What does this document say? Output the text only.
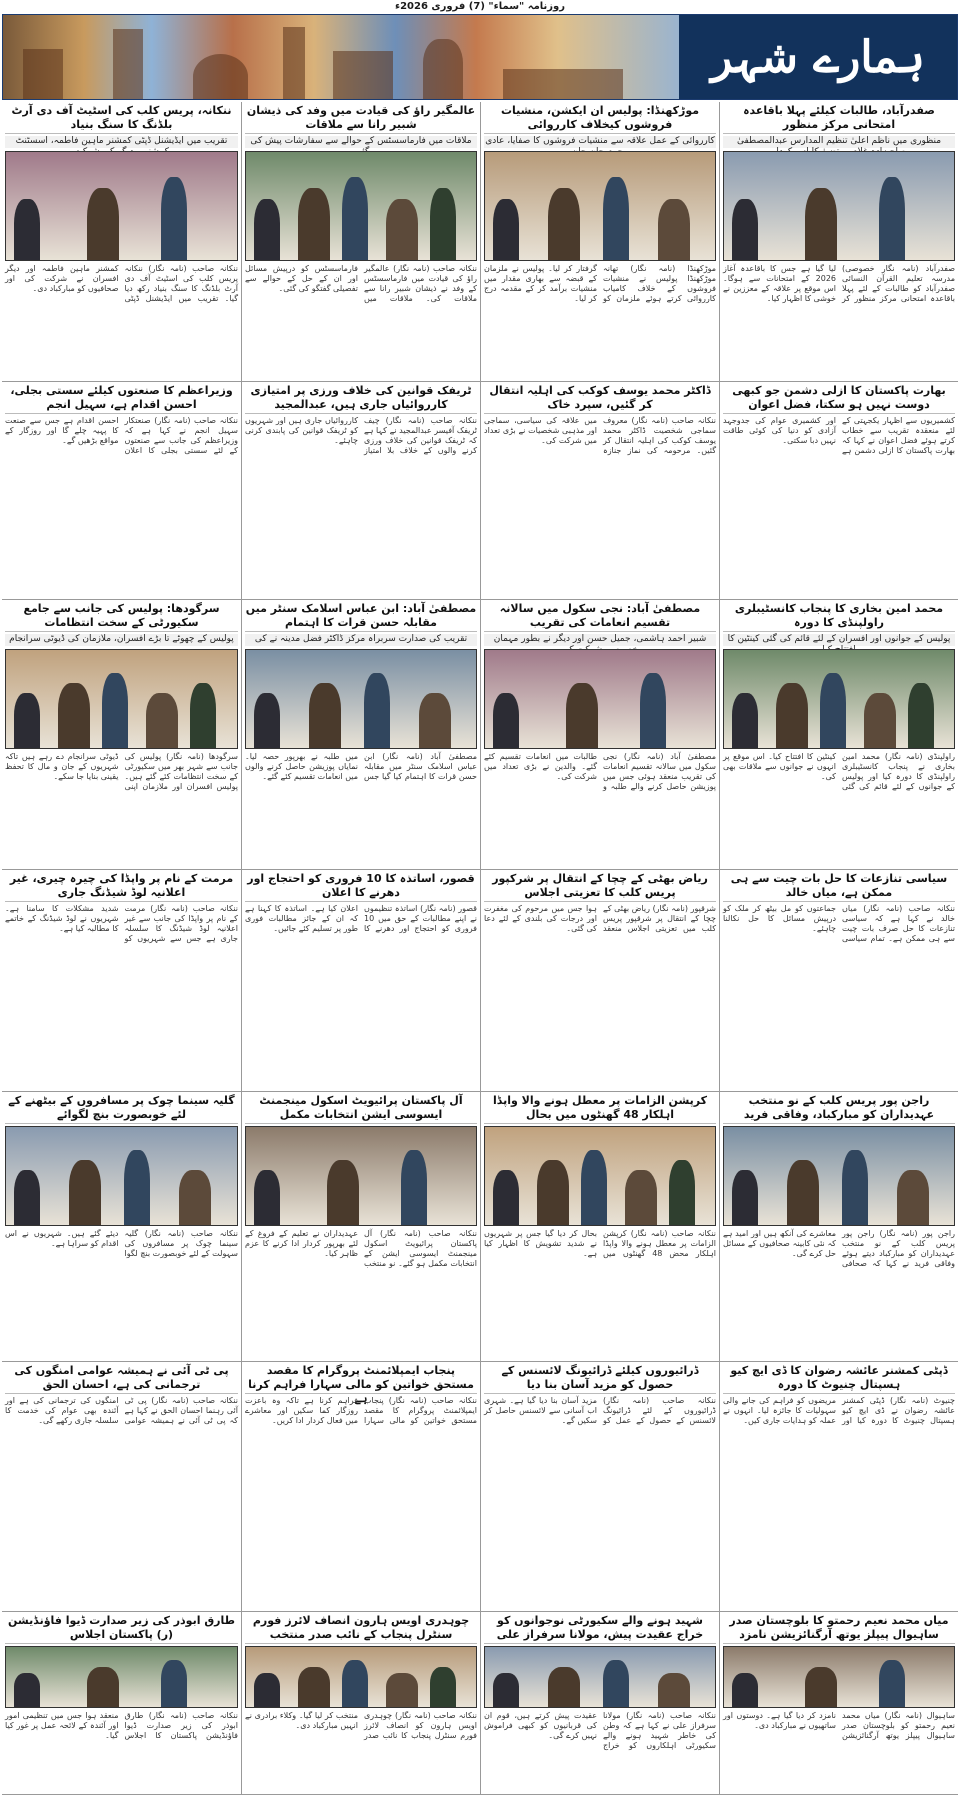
روزنامہ "سماء" (7) فروری 2026ء
ہمارے شہر
صفدرآباد، طالبات کیلئے پہلا باقاعدہ امتحانی مرکز منظور
منظوری میں ناظم اعلیٰ تنظیم المدارس عبدالمصطفیٰ
صفدرآباد (نامہ نگار خصوصی) مدرسہ تعلیم القرآن النسائی صفدرآباد کو طالبات کے لئے پہلا باقاعدہ امتحانی مرکز منظور کر لیا گیا ہے جس کا باقاعدہ آغاز 2026 کے امتحانات سے ہوگا۔ اس موقع پر علاقہ کے معززین نے خوشی کا اظہار کیا۔
موڑکھنڈا: پولیس ان ایکشن، منشیات فروشوں کیخلاف کارروائی
کارروائی کے عمل علاقہ سے منشیات فروشوں کا صفایا، عادی
موڑکھنڈا (نامہ نگار) تھانہ موڑکھنڈا پولیس نے منشیات فروشوں کے خلاف کامیاب کارروائی کرتے ہوئے ملزمان کو گرفتار کر لیا۔ پولیس نے ملزمان کے قبضہ سے بھاری مقدار میں منشیات برآمد کر کے مقدمہ درج کر لیا۔
عالمگیر راؤ کی قیادت میں وفد کی ذیشان شبیر رانا سے ملاقات
ملاقات میں فارماسسٹس کے حوالے سے سفارشات پیش کی
ننکانہ صاحب (نامہ نگار) عالمگیر راؤ کی قیادت میں فارماسسٹس کے وفد نے ذیشان شبیر رانا سے ملاقات کی۔ ملاقات میں فارماسسٹس کو درپیش مسائل اور ان کے حل کے حوالے سے تفصیلی گفتگو کی گئی۔
ننکانہ، پریس کلب کی اسٹیٹ آف دی آرٹ بلڈنگ کا سنگ بنیاد
تقریب میں ایڈیشنل ڈپٹی کمشنر ماہین فاطمہ، اسسٹنٹ
ننکانہ صاحب (نامہ نگار) ننکانہ پریس کلب کی اسٹیٹ آف دی آرٹ بلڈنگ کا سنگ بنیاد رکھ دیا گیا۔ تقریب میں ایڈیشنل ڈپٹی کمشنر ماہین فاطمہ اور دیگر افسران نے شرکت کی اور صحافیوں کو مبارکباد دی۔
بھارت پاکستان کا ازلی دشمن جو کبھی دوست نہیں ہو سکتا، فضل اعوان
کشمیریوں سے اظہار یکجہتی کے لئے منعقدہ تقریب سے خطاب کرتے ہوئے فضل اعوان نے کہا کہ بھارت پاکستان کا ازلی دشمن ہے اور کشمیری عوام کی جدوجہد آزادی کو دنیا کی کوئی طاقت نہیں دبا سکتی۔
ڈاکٹر محمد یوسف کوکب کی اہلیہ انتقال کر گئیں، سپرد خاک
ننکانہ صاحب (نامہ نگار) معروف سماجی شخصیت ڈاکٹر محمد یوسف کوکب کی اہلیہ انتقال کر گئیں۔ مرحومہ کی نماز جنازہ میں علاقہ کی سیاسی، سماجی اور مذہبی شخصیات نے بڑی تعداد میں شرکت کی۔
ٹریفک قوانین کی خلاف ورزی پر امتیازی کارروائیاں جاری ہیں، عبدالمجید
ننکانہ صاحب (نامہ نگار) چیف ٹریفک آفیسر عبدالمجید نے کہا ہے کہ ٹریفک قوانین کی خلاف ورزی کرنے والوں کے خلاف بلا امتیاز کارروائیاں جاری ہیں اور شہریوں کو ٹریفک قوانین کی پابندی کرنی چاہئے۔
وزیراعظم کا صنعتوں کیلئے سستی بجلی، احسن اقدام ہے، سہیل انجم
ننکانہ صاحب (نامہ نگار) صنعتکار سہیل انجم نے کہا ہے کہ وزیراعظم کی جانب سے صنعتوں کے لئے سستی بجلی کا اعلان احسن اقدام ہے جس سے صنعت کا پہیہ چلے گا اور روزگار کے مواقع بڑھیں گے۔
محمد امین بخاری کا پنجاب کانسٹیبلری راولپنڈی کا دورہ
پولیس کے جوانوں اور افسران کے لئے قائم کی گئی کینٹین کا
راولپنڈی (نامہ نگار) محمد امین بخاری نے پنجاب کانسٹیبلری راولپنڈی کا دورہ کیا اور پولیس کے جوانوں کے لئے قائم کی گئی کینٹین کا افتتاح کیا۔ اس موقع پر انہوں نے جوانوں سے ملاقات بھی کی۔
مصطفیٰ آباد: نجی سکول میں سالانہ تقسیم انعامات کی تقریب
شبیر احمد ہاشمی، جمیل حسن اور دیگر نے بطور مہمان
مصطفیٰ آباد (نامہ نگار) نجی سکول میں سالانہ تقسیم انعامات کی تقریب منعقد ہوئی جس میں پوزیشن حاصل کرنے والے طلبہ و طالبات میں انعامات تقسیم کئے گئے۔ والدین نے بڑی تعداد میں شرکت کی۔
مصطفیٰ آباد: ابن عباس اسلامک سنٹر میں مقابلہ حسن قرات کا اہتمام
تقریب کی صدارت سربراہ مرکز ڈاکٹر فضل مدینہ نے کی
مصطفیٰ آباد (نامہ نگار) ابن عباس اسلامک سنٹر میں مقابلہ حسن قرات کا اہتمام کیا گیا جس میں طلبہ نے بھرپور حصہ لیا۔ نمایاں پوزیشن حاصل کرنے والوں میں انعامات تقسیم کئے گئے۔
سرگودھا: پولیس کی جانب سے جامع سکیورٹی کے سخت انتظامات
پولیس کے چھوٹے تا بڑے افسران، ملازمان کی ڈیوٹی سرانجام
سرگودھا (نامہ نگار) پولیس کی جانب سے شہر بھر میں سکیورٹی کے سخت انتظامات کئے گئے ہیں۔ پولیس افسران اور ملازمان اپنی ڈیوٹی سرانجام دے رہے ہیں تاکہ شہریوں کے جان و مال کا تحفظ یقینی بنایا جا سکے۔
سیاسی تنازعات کا حل بات چیت سے ہی ممکن ہے، میاں خالد
ننکانہ صاحب (نامہ نگار) میاں خالد نے کہا ہے کہ سیاسی تنازعات کا حل صرف بات چیت سے ہی ممکن ہے۔ تمام سیاسی جماعتوں کو مل بیٹھ کر ملک کو درپیش مسائل کا حل نکالنا چاہئے۔
ریاض بھٹی کے چچا کے انتقال پر شرکپور پریس کلب کا تعزیتی اجلاس
شرقپور (نامہ نگار) ریاض بھٹی کے چچا کے انتقال پر شرقپور پریس کلب میں تعزیتی اجلاس منعقد ہوا جس میں مرحوم کی مغفرت اور درجات کی بلندی کے لئے دعا کی گئی۔
قصور، اساتذہ کا 10 فروری کو احتجاج اور دھرنے کا اعلان
قصور (نامہ نگار) اساتذہ تنظیموں نے اپنے مطالبات کے حق میں 10 فروری کو احتجاج اور دھرنے کا اعلان کیا ہے۔ اساتذہ کا کہنا ہے کہ ان کے جائز مطالبات فوری طور پر تسلیم کئے جائیں۔
مرمت کے نام پر واپڈا کی چیرہ چیری، غیر اعلانیہ لوڈ شیڈنگ جاری
ننکانہ صاحب (نامہ نگار) مرمت کے نام پر واپڈا کی جانب سے غیر اعلانیہ لوڈ شیڈنگ کا سلسلہ جاری ہے جس سے شہریوں کو شدید مشکلات کا سامنا ہے۔ شہریوں نے لوڈ شیڈنگ کے خاتمے کا مطالبہ کیا ہے۔
راجن پور پریس کلب کے نو منتخب عہدیداران کو مبارکباد، وفاقی فرید
راجن پور (نامہ نگار) راجن پور پریس کلب کے نو منتخب عہدیداران کو مبارکباد دیتے ہوئے وفاقی فرید نے کہا کہ صحافی معاشرے کی آنکھ ہیں اور امید ہے کہ نئی کابینہ صحافیوں کے مسائل حل کرے گی۔
کرپشن الزامات پر معطل ہونے والا واپڈا اہلکار 48 گھنٹوں میں بحال
ننکانہ صاحب (نامہ نگار) کرپشن الزامات پر معطل ہونے والا واپڈا اہلکار محض 48 گھنٹوں میں بحال کر دیا گیا جس پر شہریوں نے شدید تشویش کا اظہار کیا ہے۔
آل پاکستان پرائیویٹ اسکول مینجمنٹ ایسوسی ایشن انتخابات مکمل
ننکانہ صاحب (نامہ نگار) آل پاکستان پرائیویٹ اسکول مینجمنٹ ایسوسی ایشن کے انتخابات مکمل ہو گئے۔ نو منتخب عہدیداران نے تعلیم کے فروغ کے لئے بھرپور کردار ادا کرنے کا عزم ظاہر کیا۔
گلیہ سینما چوک پر مسافروں کے بیٹھنے کے لئے خوبصورت بنچ لگوائے
ننکانہ صاحب (نامہ نگار) گلیہ سینما چوک پر مسافروں کی سہولت کے لئے خوبصورت بنچ لگوا دیئے گئے ہیں۔ شہریوں نے اس اقدام کو سراہا ہے۔
ڈپٹی کمشنر عائشہ رضوان کا ڈی ایچ کیو ہسپتال چنیوٹ کا دورہ
چنیوٹ (نامہ نگار) ڈپٹی کمشنر عائشہ رضوان نے ڈی ایچ کیو ہسپتال چنیوٹ کا دورہ کیا اور مریضوں کو فراہم کی جانے والی سہولیات کا جائزہ لیا۔ انہوں نے عملہ کو ہدایات جاری کیں۔
ڈرائیوروں کیلئے ڈرائیونگ لائسنس کے حصول کو مزید آسان بنا دیا
ننکانہ صاحب (نامہ نگار) ڈرائیوروں کے لئے ڈرائیونگ لائسنس کے حصول کے عمل کو مزید آسان بنا دیا گیا ہے۔ شہری اب آسانی سے لائسنس حاصل کر سکیں گے۔
پنجاب ایمپلائمنٹ پروگرام کا مقصد مستحق خواتین کو مالی سہارا فراہم کرنا ہے
ننکانہ صاحب (نامہ نگار) پنجاب ایمپلائمنٹ پروگرام کا مقصد مستحق خواتین کو مالی سہارا فراہم کرنا ہے تاکہ وہ باعزت روزگار کما سکیں اور معاشرے میں فعال کردار ادا کریں۔
پی ٹی آئی نے ہمیشہ عوامی امنگوں کی ترجمانی کی ہے، احسان الحق
ننکانہ صاحب (نامہ نگار) پی ٹی آئی رہنما احسان الحق نے کہا ہے کہ پی ٹی آئی نے ہمیشہ عوامی امنگوں کی ترجمانی کی ہے اور آئندہ بھی عوام کی خدمت کا سلسلہ جاری رکھے گی۔
میاں محمد نعیم رحمتو کا بلوچستان صدر ساہیوال پیپلز یوتھ آرگنائزیشن نامزد
ساہیوال (نامہ نگار) میاں محمد نعیم رحمتو کو بلوچستان صدر ساہیوال پیپلز یوتھ آرگنائزیشن نامزد کر دیا گیا ہے۔ دوستوں اور ساتھیوں نے مبارکباد دی۔
شہید ہونے والے سکیورٹی نوجوانوں کو خراج عقیدت پیش، مولانا سرفراز علی
ننکانہ صاحب (نامہ نگار) مولانا سرفراز علی نے کہا ہے کہ وطن کی خاطر شہید ہونے والے سکیورٹی اہلکاروں کو خراج عقیدت پیش کرتے ہیں، قوم ان کی قربانیوں کو کبھی فراموش نہیں کرے گی۔
چوہدری اویس ہارون انصاف لائرز فورم سنٹرل پنجاب کے نائب صدر منتخب
ننکانہ صاحب (نامہ نگار) چوہدری اویس ہارون کو انصاف لائرز فورم سنٹرل پنجاب کا نائب صدر منتخب کر لیا گیا۔ وکلاء برادری نے انہیں مبارکباد دی۔
طارق ابوذر کی زیر صدارت ڈیوا فاؤنڈیشن (ر) پاکستان اجلاس
ننکانہ صاحب (نامہ نگار) طارق ابوذر کی زیر صدارت ڈیوا فاؤنڈیشن پاکستان کا اجلاس منعقد ہوا جس میں تنظیمی امور اور آئندہ کے لائحہ عمل پر غور کیا گیا۔
